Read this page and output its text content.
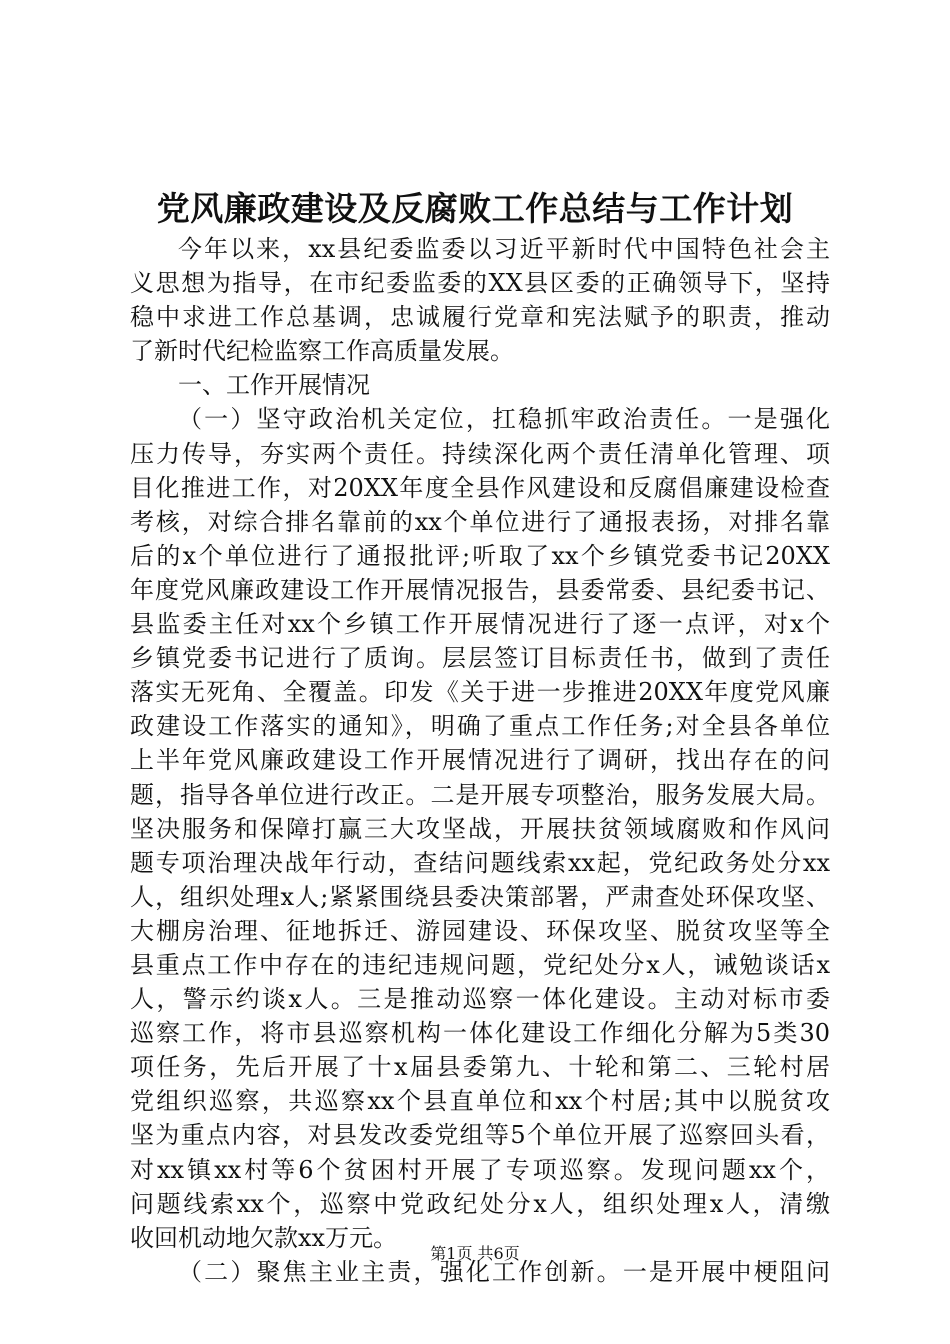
党风廉政建设及反腐败工作总结与工作计划
今年以来，xx县纪委监委以习近平新时代中国特色社会主
义思想为指导，在市纪委监委的XX县区委的正确领导下，坚持
稳中求进工作总基调，忠诚履行党章和宪法赋予的职责，推动
了新时代纪检监察工作高质量发展。
一、工作开展情况
（一）坚守政治机关定位，扛稳抓牢政治责任。一是强化
压力传导，夯实两个责任。持续深化两个责任清单化管理、项
目化推进工作，对20XX年度全县作风建设和反腐倡廉建设检查
考核，对综合排名靠前的xx个单位进行了通报表扬，对排名靠
后的x个单位进行了通报批评;听取了xx个乡镇党委书记20XX
年度党风廉政建设工作开展情况报告，县委常委、县纪委书记、
县监委主任对xx个乡镇工作开展情况进行了逐一点评，对x个
乡镇党委书记进行了质询。层层签订目标责任书，做到了责任
落实无死角、全覆盖。印发《关于进一步推进20XX年度党风廉
政建设工作落实的通知》，明确了重点工作任务;对全县各单位
上半年党风廉政建设工作开展情况进行了调研，找出存在的问
题，指导各单位进行改正。二是开展专项整治，服务发展大局。
坚决服务和保障打赢三大攻坚战，开展扶贫领域腐败和作风问
题专项治理决战年行动，查结问题线索xx起，党纪政务处分xx
人，组织处理x人;紧紧围绕县委决策部署，严肃查处环保攻坚、
大棚房治理、征地拆迁、游园建设、环保攻坚、脱贫攻坚等全
县重点工作中存在的违纪违规问题，党纪处分x人，诫勉谈话x
人，警示约谈x人。三是推动巡察一体化建设。主动对标市委
巡察工作，将市县巡察机构一体化建设工作细化分解为5类30
项任务，先后开展了十x届县委第九、十轮和第二、三轮村居
党组织巡察，共巡察xx个县直单位和xx个村居;其中以脱贫攻
坚为重点内容，对县发改委党组等5个单位开展了巡察回头看，
对xx镇xx村等6个贫困村开展了专项巡察。发现问题xx个，
问题线索xx个，巡察中党政纪处分x人，组织处理x人，清缴
收回机动地欠款xx万元。
（二）聚焦主业主责，强化工作创新。一是开展中梗阻问
第1页 共6页
